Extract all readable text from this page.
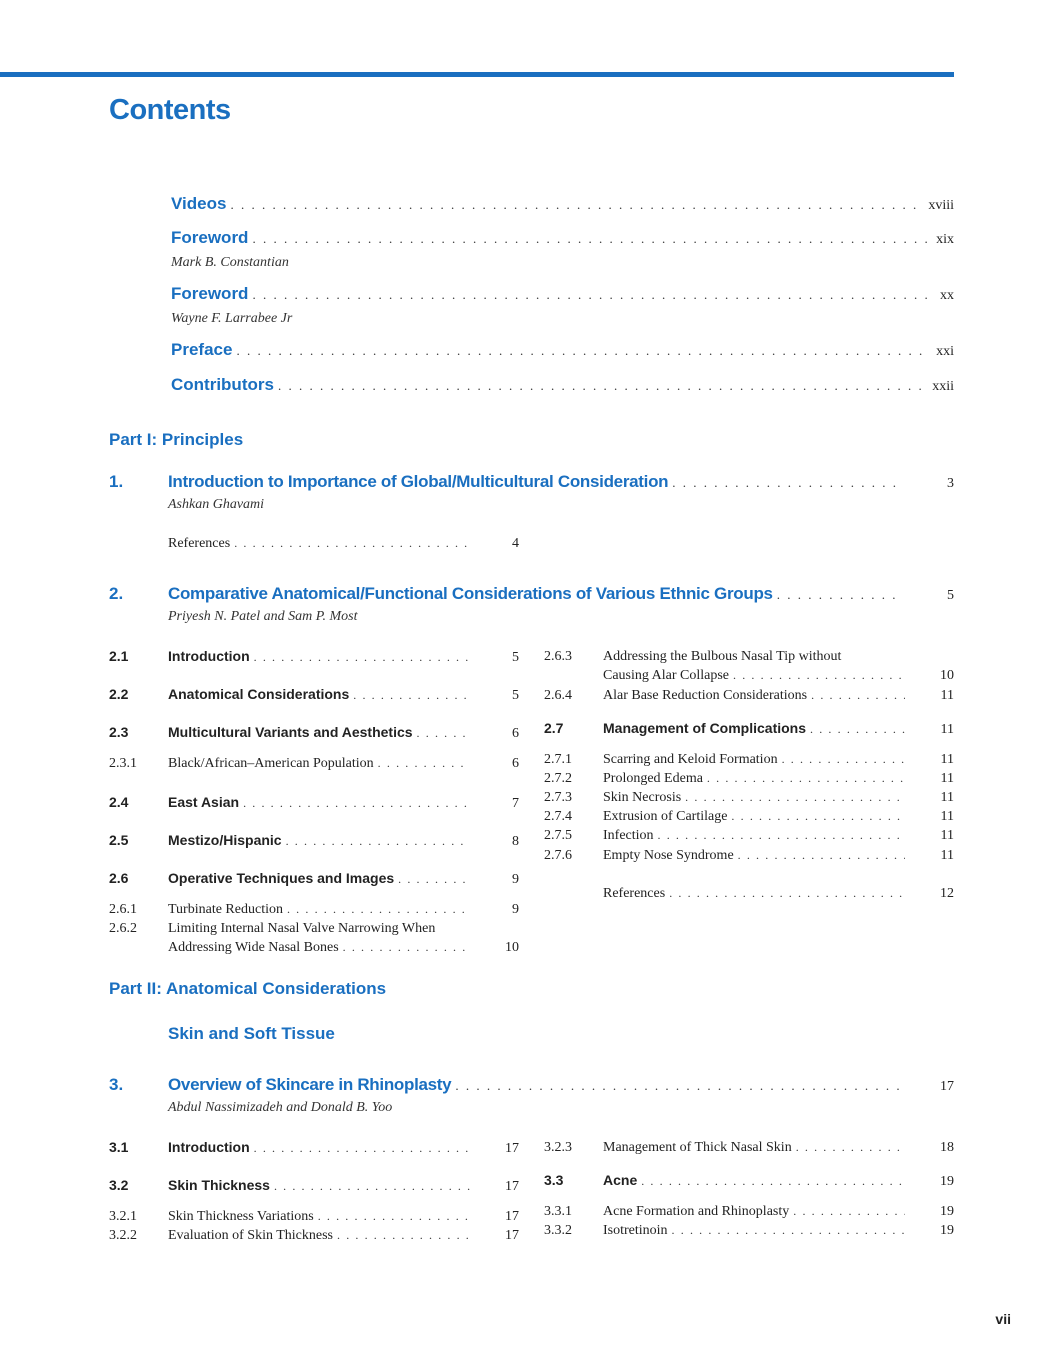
Contents
Videos . . .	xviii
Foreword . . .	xix
Mark B. Constantian
Foreword . . .	xx
Wayne F. Larrabee Jr
Preface . . .	xxi
Contributors . . .	xxii
Part I: Principles
1.	Introduction to Importance of Global/Multicultural Consideration . . .	3
Ashkan Ghavami
References . . .	4
2.	Comparative Anatomical/Functional Considerations of Various Ethnic Groups . . .	5
Priyesh N. Patel and Sam P. Most
2.1	Introduction . . .	5
2.2	Anatomical Considerations . . .	5
2.3	Multicultural Variants and Aesthetics . . .	6
2.3.1	Black/African–American Population . . .	6
2.4	East Asian . . .	7
2.5	Mestizo/Hispanic . . .	8
2.6	Operative Techniques and Images . . .	9
2.6.1	Turbinate Reduction . . .	9
2.6.2	Limiting Internal Nasal Valve Narrowing When
Addressing Wide Nasal Bones . . .	10
2.6.3	Addressing the Bulbous Nasal Tip without
Causing Alar Collapse . . .	10
2.6.4	Alar Base Reduction Considerations . . .	11
2.7	Management of Complications . . .	11
2.7.1	Scarring and Keloid Formation . . .	11
2.7.2	Prolonged Edema . . .	11
2.7.3	Skin Necrosis . . .	11
2.7.4	Extrusion of Cartilage . . .	11
2.7.5	Infection . . .	11
2.7.6	Empty Nose Syndrome . . .	11
References . . .	12
Part II: Anatomical Considerations
Skin and Soft Tissue
3.	Overview of Skincare in Rhinoplasty . . .	17
Abdul Nassimizadeh and Donald B. Yoo
3.1	Introduction . . .	17
3.2	Skin Thickness . . .	17
3.2.1	Skin Thickness Variations . . .	17
3.2.2	Evaluation of Skin Thickness . . .	17
3.2.3	Management of Thick Nasal Skin . . .	18
3.3	Acne . . .	19
3.3.1	Acne Formation and Rhinoplasty . . .	19
3.3.2	Isotretinoin . . .	19
vii
